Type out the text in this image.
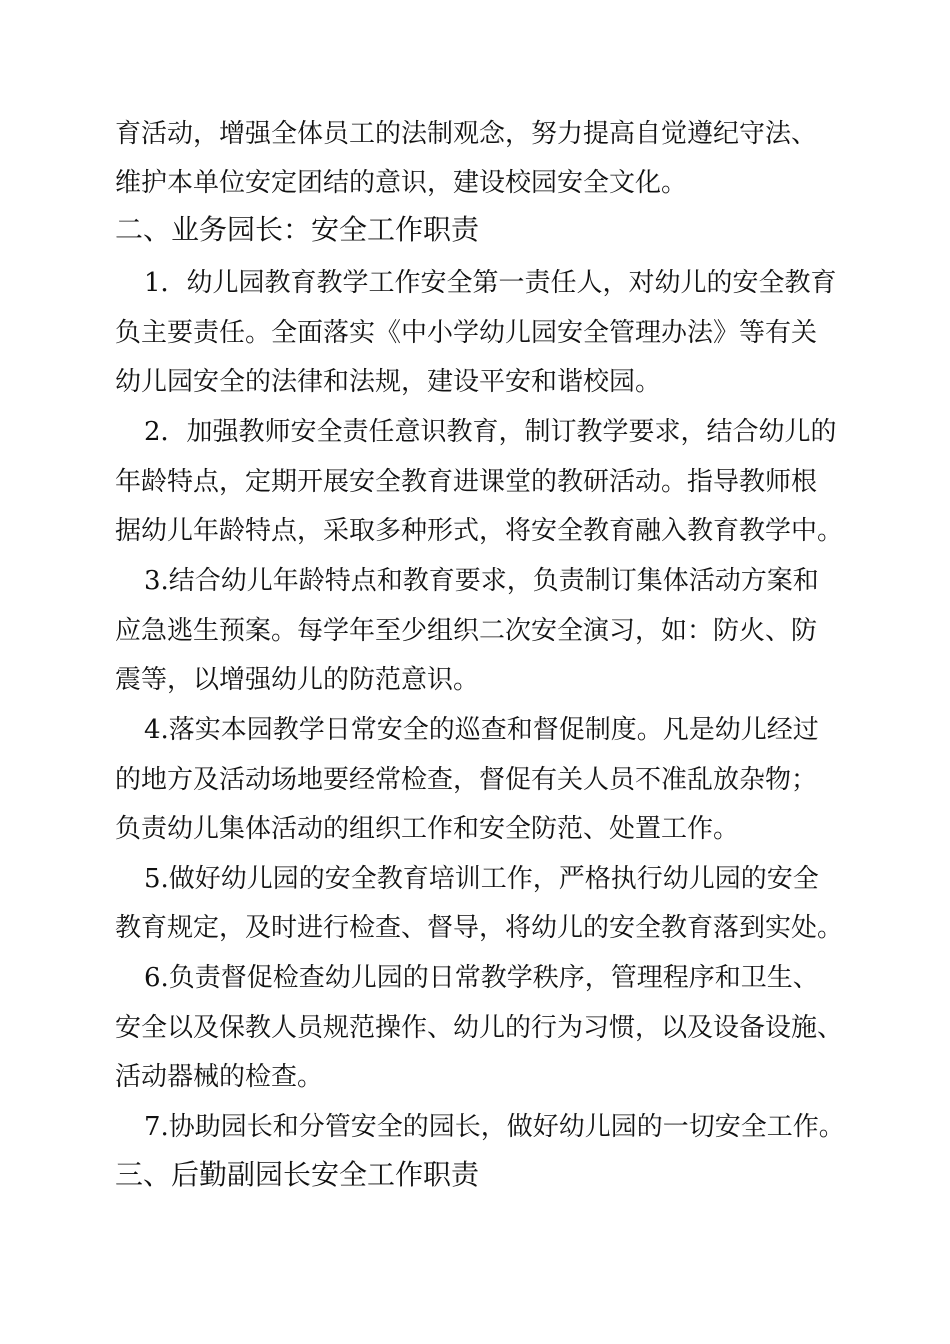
育活动，增强全体员工的法制观念，努力提高自觉遵纪守法、
维护本单位安定团结的意识，建设校园安全文化。
二、业务园长：安全工作职责
1．幼儿园教育教学工作安全第一责任人，对幼儿的安全教育
负主要责任。全面落实《中小学幼儿园安全管理办法》等有关
幼儿园安全的法律和法规，建设平安和谐校园。
2．加强教师安全责任意识教育，制订教学要求，结合幼儿的
年龄特点，定期开展安全教育进课堂的教研活动。指导教师根
据幼儿年龄特点，采取多种形式，将安全教育融入教育教学中。
3.结合幼儿年龄特点和教育要求，负责制订集体活动方案和
应急逃生预案。每学年至少组织二次安全演习，如：防火、防
震等，以增强幼儿的防范意识。
4.落实本园教学日常安全的巡查和督促制度。凡是幼儿经过
的地方及活动场地要经常检查，督促有关人员不准乱放杂物；
负责幼儿集体活动的组织工作和安全防范、处置工作。
5.做好幼儿园的安全教育培训工作，严格执行幼儿园的安全
教育规定，及时进行检查、督导，将幼儿的安全教育落到实处。
6.负责督促检查幼儿园的日常教学秩序，管理程序和卫生、
安全以及保教人员规范操作、幼儿的行为习惯，以及设备设施、
活动器械的检查。
7.协助园长和分管安全的园长，做好幼儿园的一切安全工作。
三、后勤副园长安全工作职责
